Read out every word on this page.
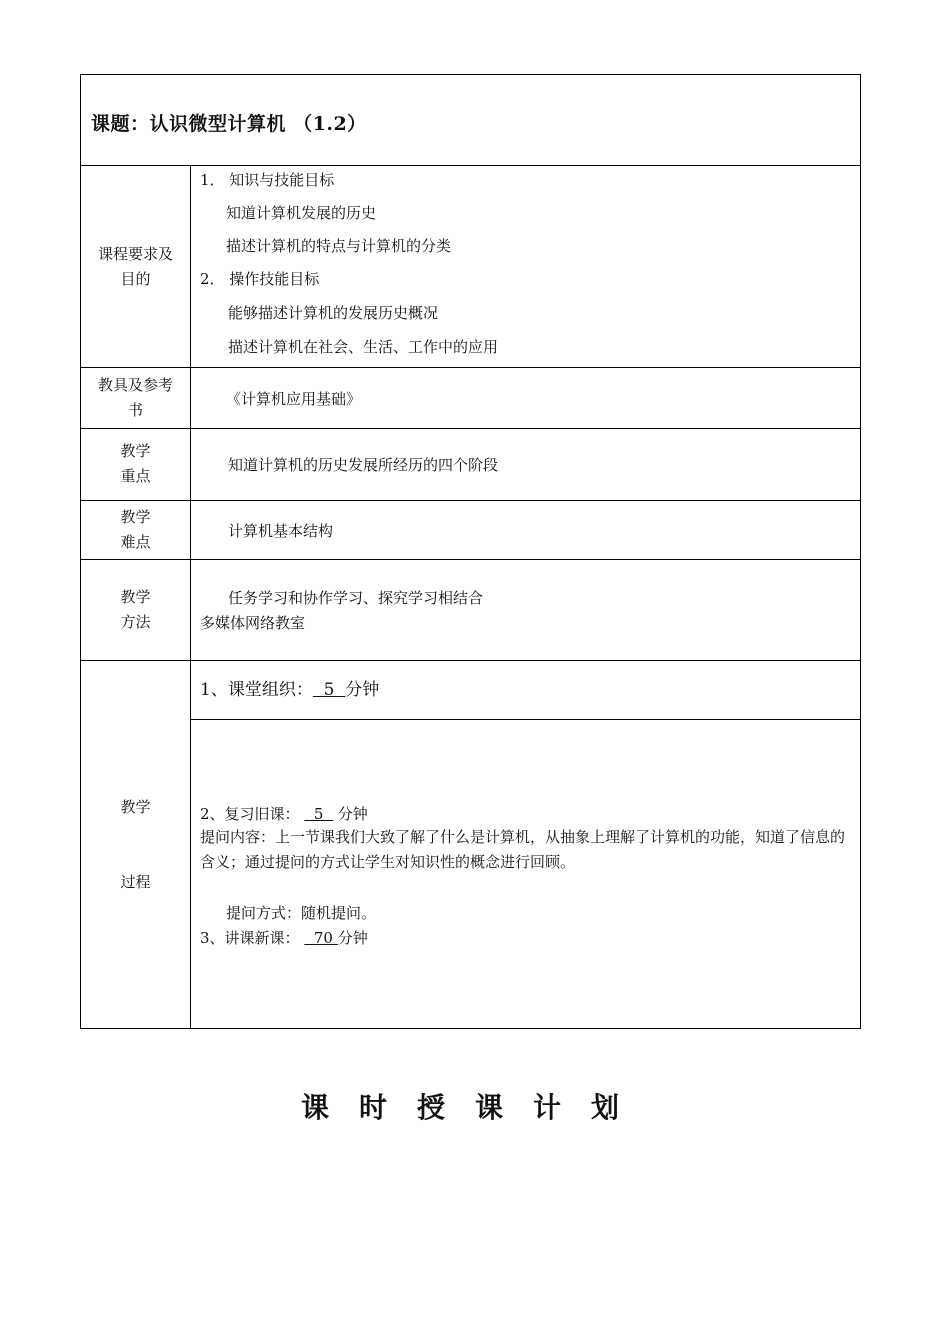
课题：认识微型计算机 （1.2）
课程要求及
目的
1． 知识与技能目标
知道计算机发展的历史
描述计算机的特点与计算机的分类
2． 操作技能目标
能够描述计算机的发展历史概况
描述计算机在社会、生活、工作中的应用
教具及参考
书
《计算机应用基础》
教学
重点
知道计算机的历史发展所经历的四个阶段
教学
难点
计算机基本结构
教学
方法
任务学习和协作学习、探究学习相结合
多媒体网络教室
教学
过程
1、课堂组织：  5  分钟
2、复习旧课：   5   分钟
提问内容：上一节课我们大致了解了什么是计算机，从抽象上理解了计算机的功能，知道了信息的含义；通过提问的方式让学生对知识性的概念进行回顾。
提问方式：随机提问。
3、讲课新课：   70 分钟
课时授课计划
